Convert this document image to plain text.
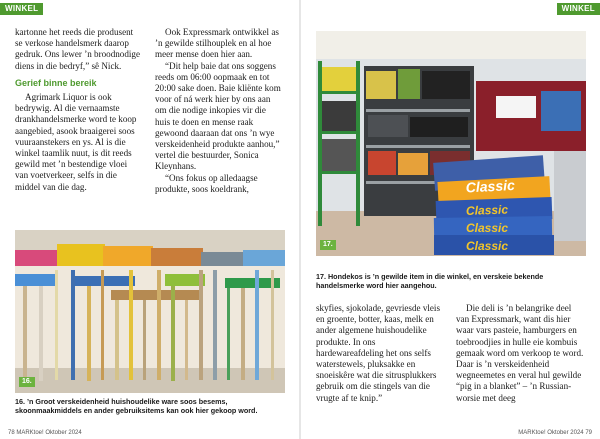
WINKEL	WINKEL

kartonne het reeds die produsent se verkose handelsmerk daarop gedruk. Ons lewer ’n broodnodige diens in die bedryf,” sê Nick.

Gerief binne bereik

Agrimark Liquor is ook bedrywig. Al die vernaamste drankhandelsmerke word te koop aangebied, asook braaigerei soos vuuraanstekers en ys. Al is die winkel taamlik nuut, is dit reeds gewild met ’n bestendige vloei van voetverkeer, selfs in die middel van die dag.

Ook Expressmark ontwikkel as ’n gewilde stilhouplek en al hoe meer mense doen hier aan.

“Dit help baie dat ons soggens reeds om 06:00 oopmaak en tot 20:00 sake doen. Baie kliënte kom voor of ná werk hier by ons aan om die nodige inkopies vir die huis te doen en mense raak gewoond daaraan dat ons ’n wye verskeidenheid produkte aanhou,” vertel die bestuurder, Sonica Kleynhans.

“Ons fokus op alledaagse produkte, soos koeldrank,

16.
16. ’n Groot verskeidenheid huishoudelike ware soos besems, skoonmaakmiddels en ander gebruiksitems kan ook hier gekoop word.
78 MARKtoe! Oktober 2024
Classic
Classic
Classic
Classic
17.
17. Hondekos is ’n gewilde item in die winkel, en verskeie bekende handelsmerke word hier aangehou.

skyfies, sjokolade, gevriesde vleis en groente, botter, kaas, melk en ander algemene huishoudelike produkte. In ons hardewareafdeling het ons selfs waterstewels, pluksakke en snoeiskêre wat die sitrusplukkers gebruik om die stingels van die vrugte af te knip.”

Die deli is ’n belangrike deel van Expressmark, want dis hier waar vars pasteie, hamburgers en toebroodjies in hulle eie kombuis gemaak word om verkoop te word. Daar is ’n verskeidenheid wegneemetes en veral hul gewilde “pig in a blanket” – ’n Russian-worsie met deeg

MARKtoe! Oktober 2024 79
